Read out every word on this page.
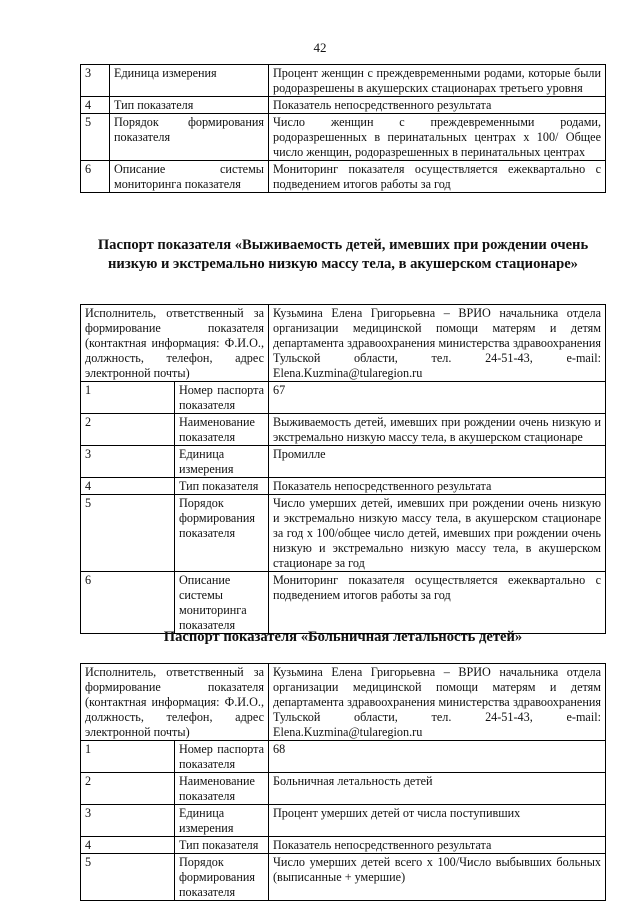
42
3	Единица измерения	Процент женщин с преждевременными родами, которые были родоразрешены в акушерских стационарах третьего уровня
4	Тип показателя	Показатель непосредственного результата
5	Порядок формирования показателя	Число женщин с преждевременными родами, родоразрешенных в перинатальных центрах х 100/ Общее число женщин, родоразрешенных в перинатальных центрах
6	Описание системы мониторинга показателя	Мониторинг показателя осуществляется ежеквартально с подведением итогов работы за год
Паспорт показателя «Выживаемость детей, имевших при рождении очень низкую и экстремально низкую массу тела, в акушерском стационаре»
Исполнитель, ответственный за формирование показателя (контактная информация: Ф.И.О., должность, телефон, адрес электронной почты)		Кузьмина Елена Григорьевна – ВРИО начальника отдела организации медицинской помощи матерям и детям департамента здравоохранения министерства здравоохранения Тульской области, тел. 24-51-43, e-mail: Elena.Kuzmina@tularegion.ru
1	Номер паспорта показателя	67
2	Наименование показателя	Выживаемость детей, имевших при рождении очень низкую и экстремально низкую массу тела, в акушерском стационаре
3	Единица измерения	Промилле
4	Тип показателя	Показатель непосредственного результата
5	Порядок формирования показателя	Число умерших детей, имевших при рождении очень низкую и экстремально низкую массу тела, в акушерском стационаре за год х 100/общее число детей, имевших при рождении очень низкую и экстремально низкую массу тела, в акушерском стационаре за год
6	Описание системы мониторинга показателя	Мониторинг показателя осуществляется ежеквартально с подведением итогов работы за год
Паспорт показателя «Больничная летальность детей»
Исполнитель, ответственный за формирование показателя (контактная информация: Ф.И.О., должность, телефон, адрес электронной почты)		Кузьмина Елена Григорьевна – ВРИО начальника отдела организации медицинской помощи матерям и детям департамента здравоохранения министерства здравоохранения Тульской области, тел. 24-51-43, e-mail: Elena.Kuzmina@tularegion.ru
1	Номер паспорта показателя	68
2	Наименование показателя	Больничная летальность детей
3	Единица измерения	Процент умерших детей от числа поступивших
4	Тип показателя	Показатель непосредственного результата
5	Порядок формирования показателя	Число умерших детей всего х 100/Число выбывших больных (выписанные + умершие)
